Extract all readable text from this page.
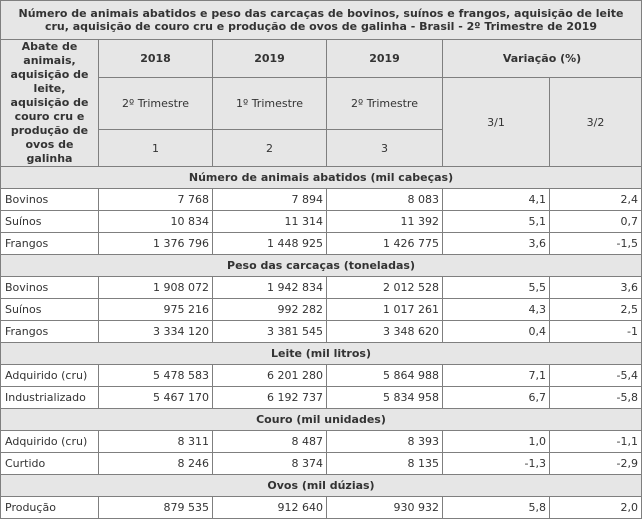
Número de animais abatidos e peso das carcaças de bovinos, suínos e frangos, aquisição de leite cru, aquisição de couro cru e produção de ovos de galinha - Brasil - 2º Trimestre de 2019					
Abate de animais, aquisição de leite, aquisição de couro cru e produção de ovos de galinha	2018	2019	2019	Variação (%)	
	2º Trimestre	1º Trimestre	2º Trimestre	3/1	3/2
	1	2	3		
Número de animais abatidos (mil cabeças)					
Bovinos	7 768	7 894	8 083	4,1	2,4
Suínos	10 834	11 314	11 392	5,1	0,7
Frangos	1 376 796	1 448 925	1 426 775	3,6	-1,5
Peso das carcaças (toneladas)					
Bovinos	1 908 072	1 942 834	2 012 528	5,5	3,6
Suínos	975 216	992 282	1 017 261	4,3	2,5
Frangos	3 334 120	3 381 545	3 348 620	0,4	-1
Leite (mil litros)					
Adquirido (cru)	5 478 583	6 201 280	5 864 988	7,1	-5,4
Industrializado	5 467 170	6 192 737	5 834 958	6,7	-5,8
Couro (mil unidades)					
Adquirido (cru)	8 311	8 487	8 393	1,0	-1,1
Curtido	8 246	8 374	8 135	-1,3	-2,9
Ovos (mil dúzias)					
Produção	879 535	912 640	930 932	5,8	2,0
